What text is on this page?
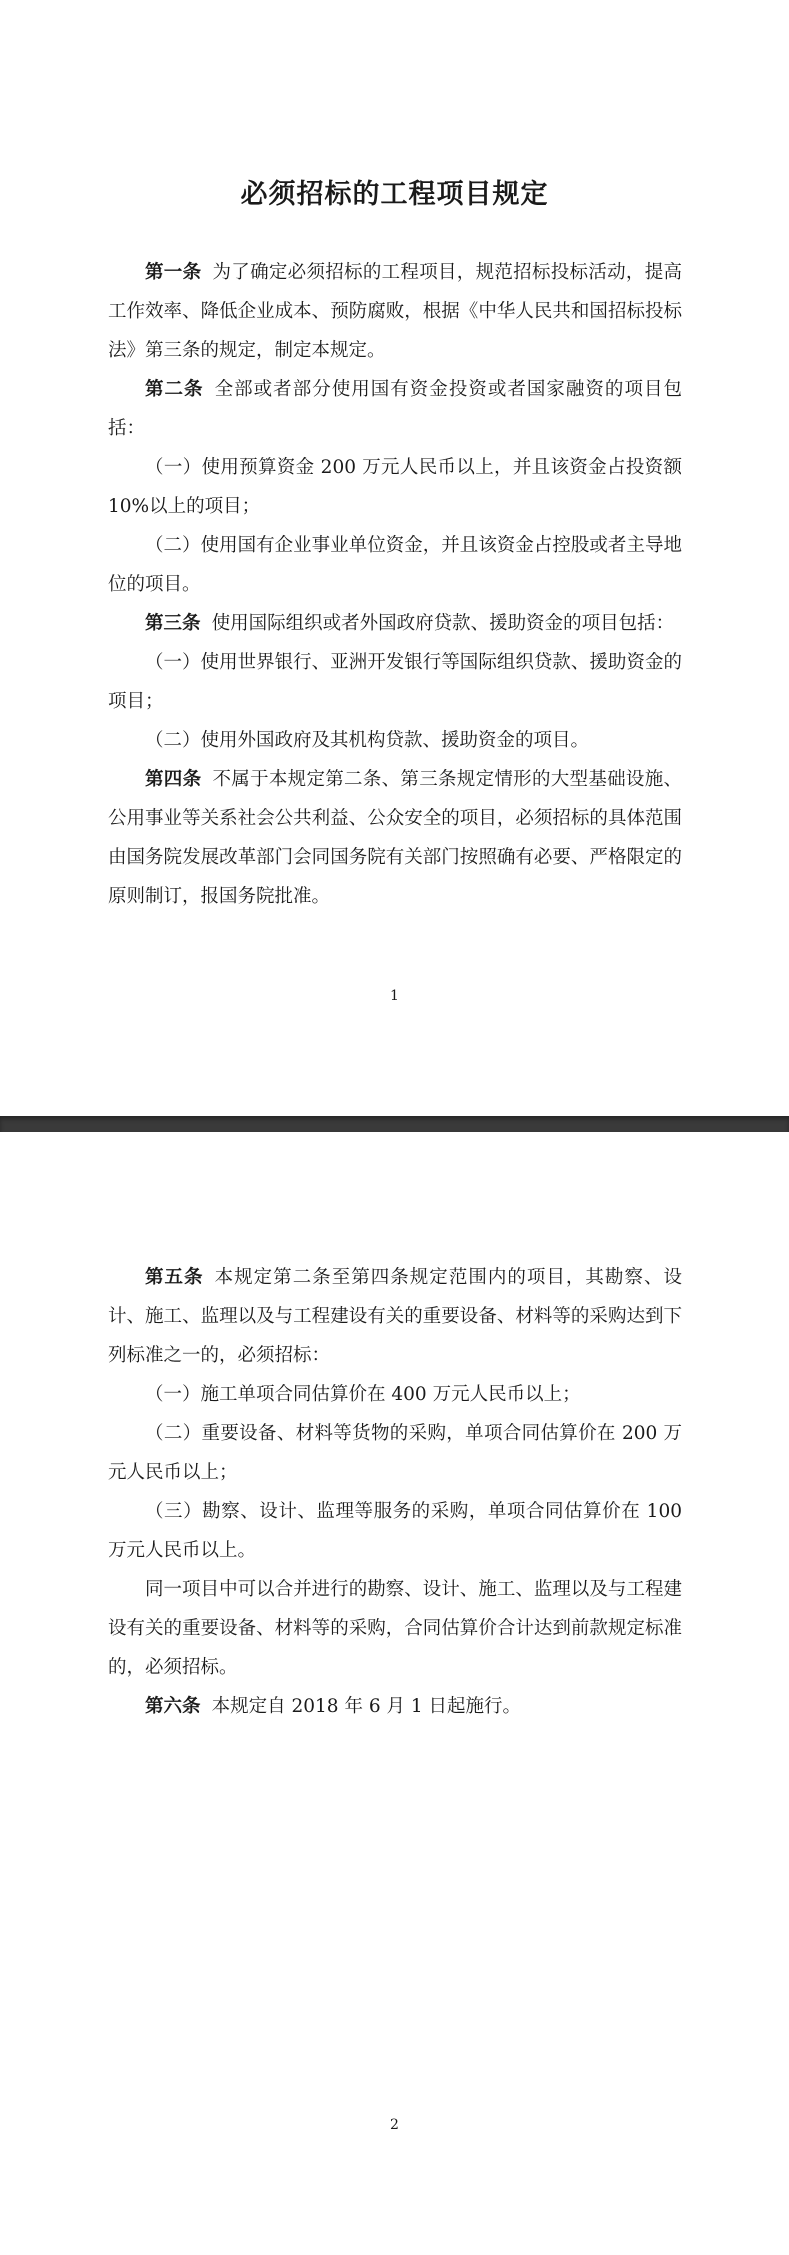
必须招标的工程项目规定

第一条 为了确定必须招标的工程项目，规范招标投标活动，提高工作效率、降低企业成本、预防腐败，根据《中华人民共和国招标投标法》第三条的规定，制定本规定。

第二条 全部或者部分使用国有资金投资或者国家融资的项目包括：

（一）使用预算资金 200 万元人民币以上，并且该资金占投资额 10%以上的项目；

（二）使用国有企业事业单位资金，并且该资金占控股或者主导地位的项目。

第三条 使用国际组织或者外国政府贷款、援助资金的项目包括：

（一）使用世界银行、亚洲开发银行等国际组织贷款、援助资金的项目；

（二）使用外国政府及其机构贷款、援助资金的项目。

第四条 不属于本规定第二条、第三条规定情形的大型基础设施、公用事业等关系社会公共利益、公众安全的项目，必须招标的具体范围由国务院发展改革部门会同国务院有关部门按照确有必要、严格限定的原则制订，报国务院批准。

1

第五条 本规定第二条至第四条规定范围内的项目，其勘察、设计、施工、监理以及与工程建设有关的重要设备、材料等的采购达到下列标准之一的，必须招标：

（一）施工单项合同估算价在 400 万元人民币以上；

（二）重要设备、材料等货物的采购，单项合同估算价在 200 万元人民币以上；

（三）勘察、设计、监理等服务的采购，单项合同估算价在 100 万元人民币以上。

同一项目中可以合并进行的勘察、设计、施工、监理以及与工程建设有关的重要设备、材料等的采购，合同估算价合计达到前款规定标准的，必须招标。

第六条 本规定自 2018 年 6 月 1 日起施行。

2
